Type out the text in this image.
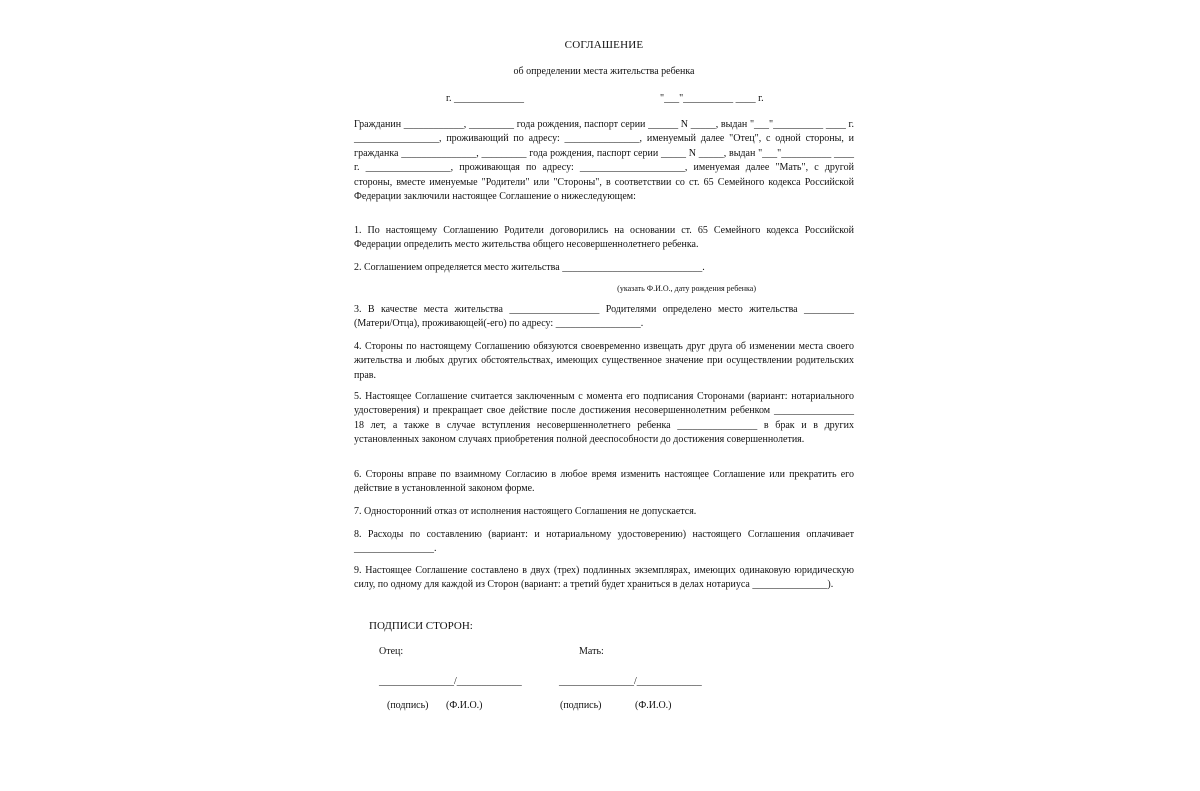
СОГЛАШЕНИЕ
об определении места жительства ребенка
г. ______________	"___"__________ ____ г.

Гражданин ____________, _________ года рождения, паспорт серии ______ N _____, выдан "___"__________ ____ г. _________________, проживающий по адресу: _______________, именуемый далее "Отец", с одной стороны, и гражданка _______________, _________ года рождения, паспорт серии _____ N _____, выдан "___"__________ ____ г. _________________, проживающая по адресу: _____________________, именуемая далее "Мать", с другой стороны, вместе именуемые "Родители" или "Стороны", в соответствии со ст. 65 Семейного кодекса Российской Федерации заключили настоящее Соглашение о нижеследующем:

1. По настоящему Соглашению Родители договорились на основании ст. 65 Семейного кодекса Российской Федерации определить место жительства общего несовершеннолетнего ребенка.

2. Соглашением определяется место жительства ____________________________.

(указать Ф.И.О., дату рождения ребенка)

3. В качестве места жительства __________________ Родителями определено место жительства __________ (Матери/Отца), проживающей(-его) по адресу: _________________.

4. Стороны по настоящему Соглашению обязуются своевременно извещать друг друга об изменении места своего жительства и любых других обстоятельствах, имеющих существенное значение при осуществлении родительских прав.

5. Настоящее Соглашение считается заключенным с момента его подписания Сторонами (вариант: нотариального удостоверения) и прекращает свое действие после достижения несовершеннолетним ребенком ________________ 18 лет, а также в случае вступления несовершеннолетнего ребенка ________________ в брак и в других установленных законом случаях приобретения полной дееспособности до достижения совершеннолетия.

6. Стороны вправе по взаимному Согласию в любое время изменить настоящее Соглашение или прекратить его действие в установленной законом форме.

7. Односторонний отказ от исполнения настоящего Соглашения не допускается.

8. Расходы по составлению (вариант: и нотариальному удостоверению) настоящего Соглашения оплачивает ________________.

9. Настоящее Соглашение составлено в двух (трех) подлинных экземплярах, имеющих одинаковую юридическую силу, по одному для каждой из Сторон (вариант: а третий будет храниться в делах нотариуса _______________).

ПОДПИСИ СТОРОН:
Отец:	Мать:
_______________/_____________	_______________/_____________
(подпись) (Ф.И.О.)	(подпись)	(Ф.И.О.)
